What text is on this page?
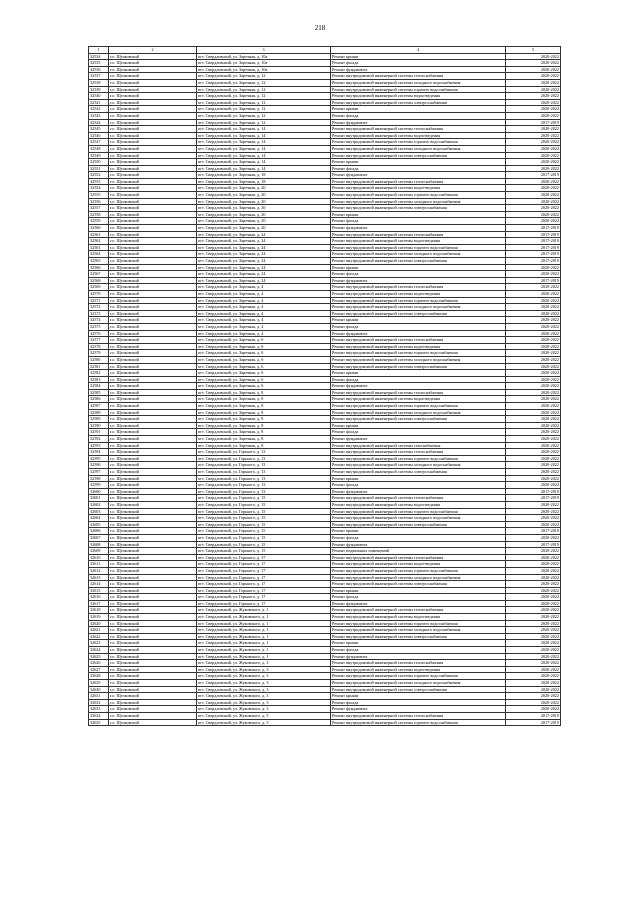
218
1	2	3	4	5
32534	г.о. Щелковский	пгт. Свердловский, ул. Заречная, д. 10а	Ремонт крыши	2020-2022
32535	г.о. Щелковский	пгт. Свердловский, ул. Заречная, д. 10а	Ремонт фасада	2020-2022
32536	г.о. Щелковский	пгт. Свердловский, ул. Заречная, д. 10а	Ремонт фундамента	2020-2022
32537	г.о. Щелковский	пгт. Свердловский, ул. Заречная, д. 12	Ремонт внутридомовой инженерной системы теплоснабжения	2020-2022
32538	г.о. Щелковский	пгт. Свердловский, ул. Заречная, д. 12	Ремонт внутридомовой инженерной системы холодного водоснабжения	2020-2022
32539	г.о. Щелковский	пгт. Свердловский, ул. Заречная, д. 12	Ремонт внутридомовой инженерной системы горячего водоснабжения	2020-2022
32540	г.о. Щелковский	пгт. Свердловский, ул. Заречная, д. 12	Ремонт внутридомовой инженерной системы водоотведения	2020-2022
32541	г.о. Щелковский	пгт. Свердловский, ул. Заречная, д. 12	Ремонт внутридомовой инженерной системы электроснабжения	2020-2022
32542	г.о. Щелковский	пгт. Свердловский, ул. Заречная, д. 12	Ремонт крыши	2020-2022
32543	г.о. Щелковский	пгт. Свердловский, ул. Заречная, д. 12	Ремонт фасада	2020-2022
32544	г.о. Щелковский	пгт. Свердловский, ул. Заречная, д. 12	Ремонт фундамента	2017-2019
32545	г.о. Щелковский	пгт. Свердловский, ул. Заречная, д. 14	Ремонт внутридомовой инженерной системы теплоснабжения	2020-2022
32546	г.о. Щелковский	пгт. Свердловский, ул. Заречная, д. 14	Ремонт внутридомовой инженерной системы водоотведения	2020-2022
32547	г.о. Щелковский	пгт. Свердловский, ул. Заречная, д. 14	Ремонт внутридомовой инженерной системы горячего водоснабжения	2020-2022
32548	г.о. Щелковский	пгт. Свердловский, ул. Заречная, д. 14	Ремонт внутридомовой инженерной системы холодного водоснабжения	2020-2022
32549	г.о. Щелковский	пгт. Свердловский, ул. Заречная, д. 14	Ремонт внутридомовой инженерной системы электроснабжения	2020-2022
32550	г.о. Щелковский	пгт. Свердловский, ул. Заречная, д. 14	Ремонт крыши	2020-2022
32551	г.о. Щелковский	пгт. Свердловский, ул. Заречная, д. 14	Ремонт фасада	2020-2022
32552	г.о. Щелковский	пгт. Свердловский, ул. Заречная, д. 18	Ремонт фундамента	2017-2019
32553	г.о. Щелковский	пгт. Свердловский, ул. Заречная, д. 18	Ремонт внутридомовой инженерной системы теплоснабжения	2020-2022
32554	г.о. Щелковский	пгт. Свердловский, ул. Заречная, д. 20	Ремонт внутридомовой инженерной системы водоотведения	2020-2022
32555	г.о. Щелковский	пгт. Свердловский, ул. Заречная, д. 20	Ремонт внутридомовой инженерной системы горячего водоснабжения	2020-2022
32556	г.о. Щелковский	пгт. Свердловский, ул. Заречная, д. 20	Ремонт внутридомовой инженерной системы холодного водоснабжения	2020-2022
32557	г.о. Щелковский	пгт. Свердловский, ул. Заречная, д. 20	Ремонт внутридомовой инженерной системы электроснабжения	2020-2022
32558	г.о. Щелковский	пгт. Свердловский, ул. Заречная, д. 20	Ремонт крыши	2020-2022
32559	г.о. Щелковский	пгт. Свердловский, ул. Заречная, д. 20	Ремонт фасада	2020-2022
32560	г.о. Щелковский	пгт. Свердловский, ул. Заречная, д. 20	Ремонт фундамента	2017-2019
32561	г.о. Щелковский	пгт. Свердловский, ул. Заречная, д. 24	Ремонт внутридомовой инженерной системы теплоснабжения	2017-2019
32562	г.о. Щелковский	пгт. Свердловский, ул. Заречная, д. 24	Ремонт внутридомовой инженерной системы водоотведения	2017-2019
32563	г.о. Щелковский	пгт. Свердловский, ул. Заречная, д. 24	Ремонт внутридомовой инженерной системы горячего водоснабжения	2017-2019
32564	г.о. Щелковский	пгт. Свердловский, ул. Заречная, д. 24	Ремонт внутридомовой инженерной системы холодного водоснабжения	2017-2019
32565	г.о. Щелковский	пгт. Свердловский, ул. Заречная, д. 24	Ремонт внутридомовой инженерной системы электроснабжения	2017-2019
32566	г.о. Щелковский	пгт. Свердловский, ул. Заречная, д. 24	Ремонт крыши	2020-2022
32567	г.о. Щелковский	пгт. Свердловский, ул. Заречная, д. 24	Ремонт фасада	2020-2022
32568	г.о. Щелковский	пгт. Свердловский, ул. Заречная, д. 24	Ремонт фундамента	2017-2019
32569	г.о. Щелковский	пгт. Свердловский, ул. Заречная, д. 4	Ремонт внутридомовой инженерной системы теплоснабжения	2020-2022
32570	г.о. Щелковский	пгт. Свердловский, ул. Заречная, д. 4	Ремонт внутридомовой инженерной системы водоотведения	2020-2022
32571	г.о. Щелковский	пгт. Свердловский, ул. Заречная, д. 4	Ремонт внутридомовой инженерной системы горячего водоснабжения	2020-2022
32572	г.о. Щелковский	пгт. Свердловский, ул. Заречная, д. 4	Ремонт внутридомовой инженерной системы холодного водоснабжения	2020-2022
32573	г.о. Щелковский	пгт. Свердловский, ул. Заречная, д. 4	Ремонт внутридомовой инженерной системы электроснабжения	2020-2022
32574	г.о. Щелковский	пгт. Свердловский, ул. Заречная, д. 4	Ремонт крыши	2020-2022
32575	г.о. Щелковский	пгт. Свердловский, ул. Заречная, д. 4	Ремонт фасада	2020-2022
32576	г.о. Щелковский	пгт. Свердловский, ул. Заречная, д. 4	Ремонт фундамента	2020-2022
32577	г.о. Щелковский	пгт. Свердловский, ул. Заречная, д. 6	Ремонт внутридомовой инженерной системы теплоснабжения	2020-2022
32578	г.о. Щелковский	пгт. Свердловский, ул. Заречная, д. 6	Ремонт внутридомовой инженерной системы водоотведения	2020-2022
32579	г.о. Щелковский	пгт. Свердловский, ул. Заречная, д. 6	Ремонт внутридомовой инженерной системы горячего водоснабжения	2020-2022
32580	г.о. Щелковский	пгт. Свердловский, ул. Заречная, д. 6	Ремонт внутридомовой инженерной системы холодного водоснабжения	2020-2022
32581	г.о. Щелковский	пгт. Свердловский, ул. Заречная, д. 6	Ремонт внутридомовой инженерной системы электроснабжения	2020-2022
32582	г.о. Щелковский	пгт. Свердловский, ул. Заречная, д. 6	Ремонт крыши	2020-2022
32583	г.о. Щелковский	пгт. Свердловский, ул. Заречная, д. 6	Ремонт фасада	2020-2022
32584	г.о. Щелковский	пгт. Свердловский, ул. Заречная, д. 6	Ремонт фундамента	2020-2022
32585	г.о. Щелковский	пгт. Свердловский, ул. Заречная, д. 8	Ремонт внутридомовой инженерной системы теплоснабжения	2020-2022
32586	г.о. Щелковский	пгт. Свердловский, ул. Заречная, д. 8	Ремонт внутридомовой инженерной системы водоотведения	2020-2022
32587	г.о. Щелковский	пгт. Свердловский, ул. Заречная, д. 8	Ремонт внутридомовой инженерной системы горячего водоснабжения	2020-2022
32588	г.о. Щелковский	пгт. Свердловский, ул. Заречная, д. 8	Ремонт внутридомовой инженерной системы холодного водоснабжения	2020-2022
32589	г.о. Щелковский	пгт. Свердловский, ул. Заречная, д. 8	Ремонт внутридомовой инженерной системы электроснабжения	2020-2022
32590	г.о. Щелковский	пгт. Свердловский, ул. Заречная, д. 8	Ремонт крыши	2020-2022
32591	г.о. Щелковский	пгт. Свердловский, ул. Заречная, д. 8	Ремонт фасада	2020-2022
32592	г.о. Щелковский	пгт. Свердловский, ул. Заречная, д. 8	Ремонт фундамента	2020-2022
32593	г.о. Щелковский	пгт. Свердловский, ул. Заречная, д. 8	Ремонт внутридомовой инженерной системы газоснабжения	2020-2022
32594	г.о. Щелковский	пгт. Свердловский, ул. Горького, д. 13	Ремонт внутридомовой инженерной системы теплоснабжения	2020-2022
32595	г.о. Щелковский	пгт. Свердловский, ул. Горького, д. 13	Ремонт внутридомовой инженерной системы горячего водоснабжения	2020-2022
32596	г.о. Щелковский	пгт. Свердловский, ул. Горького, д. 13	Ремонт внутридомовой инженерной системы холодного водоснабжения	2020-2022
32597	г.о. Щелковский	пгт. Свердловский, ул. Горького, д. 13	Ремонт внутридомовой инженерной системы электроснабжения	2020-2022
32598	г.о. Щелковский	пгт. Свердловский, ул. Горького, д. 13	Ремонт крыши	2020-2022
32599	г.о. Щелковский	пгт. Свердловский, ул. Горького, д. 13	Ремонт фасада	2020-2022
32600	г.о. Щелковский	пгт. Свердловский, ул. Горького, д. 13	Ремонт фундамента	2017-2019
32601	г.о. Щелковский	пгт. Свердловский, ул. Горького, д. 15	Ремонт внутридомовой инженерной системы теплоснабжения	2017-2019
32602	г.о. Щелковский	пгт. Свердловский, ул. Горького, д. 15	Ремонт внутридомовой инженерной системы водоотведения	2020-2022
32603	г.о. Щелковский	пгт. Свердловский, ул. Горького, д. 15	Ремонт внутридомовой инженерной системы горячего водоснабжения	2020-2022
32604	г.о. Щелковский	пгт. Свердловский, ул. Горького, д. 15	Ремонт внутридомовой инженерной системы холодного водоснабжения	2020-2022
32605	г.о. Щелковский	пгт. Свердловский, ул. Горького, д. 15	Ремонт внутридомовой инженерной системы электроснабжения	2020-2022
32606	г.о. Щелковский	пгт. Свердловский, ул. Горького, д. 15	Ремонт крыши	2017-2019
32607	г.о. Щелковский	пгт. Свердловский, ул. Горького, д. 15	Ремонт фасада	2020-2022
32608	г.о. Щелковский	пгт. Свердловский, ул. Горького, д. 15	Ремонт фундамента	2017-2019
32609	г.о. Щелковский	пгт. Свердловский, ул. Горького, д. 15	Ремонт подвальных помещений	2020-2022
32610	г.о. Щелковский	пгт. Свердловский, ул. Горького, д. 17	Ремонт внутридомовой инженерной системы теплоснабжения	2020-2022
32611	г.о. Щелковский	пгт. Свердловский, ул. Горького, д. 17	Ремонт внутридомовой инженерной системы водоотведения	2020-2022
32612	г.о. Щелковский	пгт. Свердловский, ул. Горького, д. 17	Ремонт внутридомовой инженерной системы горячего водоснабжения	2020-2022
32613	г.о. Щелковский	пгт. Свердловский, ул. Горького, д. 17	Ремонт внутридомовой инженерной системы холодного водоснабжения	2020-2022
32614	г.о. Щелковский	пгт. Свердловский, ул. Горького, д. 17	Ремонт внутридомовой инженерной системы электроснабжения	2020-2022
32615	г.о. Щелковский	пгт. Свердловский, ул. Горького, д. 17	Ремонт крыши	2020-2022
32616	г.о. Щелковский	пгт. Свердловский, ул. Горького, д. 17	Ремонт фасада	2020-2022
32617	г.о. Щелковский	пгт. Свердловский, ул. Горького, д. 17	Ремонт фундамента	2020-2022
32618	г.о. Щелковский	пгт. Свердловский, ул. Жуковского, д. 1	Ремонт внутридомовой инженерной системы теплоснабжения	2020-2022
32619	г.о. Щелковский	пгт. Свердловский, ул. Жуковского, д. 1	Ремонт внутридомовой инженерной системы водоотведения	2020-2022
32620	г.о. Щелковский	пгт. Свердловский, ул. Жуковского, д. 1	Ремонт внутридомовой инженерной системы горячего водоснабжения	2020-2022
32621	г.о. Щелковский	пгт. Свердловский, ул. Жуковского, д. 1	Ремонт внутридомовой инженерной системы холодного водоснабжения	2020-2022
32622	г.о. Щелковский	пгт. Свердловский, ул. Жуковского, д. 1	Ремонт внутридомовой инженерной системы электроснабжения	2020-2022
32623	г.о. Щелковский	пгт. Свердловский, ул. Жуковского, д. 1	Ремонт крыши	2020-2022
32624	г.о. Щелковский	пгт. Свердловский, ул. Жуковского, д. 1	Ремонт фасада	2020-2022
32625	г.о. Щелковский	пгт. Свердловский, ул. Жуковского, д. 1	Ремонт фундамента	2020-2022
32626	г.о. Щелковский	пгт. Свердловский, ул. Жуковского, д. 3	Ремонт внутридомовой инженерной системы теплоснабжения	2020-2022
32627	г.о. Щелковский	пгт. Свердловский, ул. Жуковского, д. 3	Ремонт внутридомовой инженерной системы водоотведения	2020-2022
32628	г.о. Щелковский	пгт. Свердловский, ул. Жуковского, д. 3	Ремонт внутридомовой инженерной системы горячего водоснабжения	2020-2022
32629	г.о. Щелковский	пгт. Свердловский, ул. Жуковского, д. 3	Ремонт внутридомовой инженерной системы холодного водоснабжения	2020-2022
32630	г.о. Щелковский	пгт. Свердловский, ул. Жуковского, д. 3	Ремонт внутридомовой инженерной системы электроснабжения	2020-2022
32631	г.о. Щелковский	пгт. Свердловский, ул. Жуковского, д. 3	Ремонт крыши	2020-2022
32632	г.о. Щелковский	пгт. Свердловский, ул. Жуковского, д. 3	Ремонт фасада	2020-2022
32633	г.о. Щелковский	пгт. Свердловский, ул. Жуковского, д. 3	Ремонт фундамента	2020-2022
32634	г.о. Щелковский	пгт. Свердловский, ул. Жуковского, д. 5	Ремонт внутридомовой инженерной системы теплоснабжения	2017-2019
32635	г.о. Щелковский	пгт. Свердловский, ул. Жуковского, д. 5	Ремонт внутридомовой инженерной системы горячего водоснабжения	2017-2019
